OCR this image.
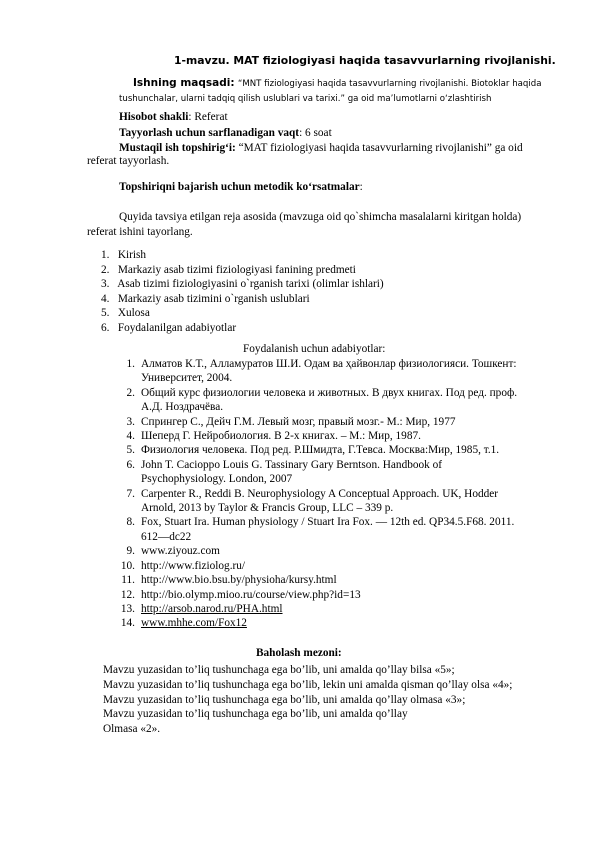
1-mavzu. MAT fiziologiyasi haqida tasavvurlarning rivojlanishi.
Ishning maqsadi: “MNT fiziologiyasi haqida tasavvurlarning rivojlanishi. Biotoklar haqida
tushunchalar, ularni tadqiq qilish uslublari va tarixi.” ga oid ma’lumotlarni o‘zlashtirish
Hisobot shakli: Referat
Tayyorlash uchun sarflanadigan vaqt: 6 soat
Mustaqil ish topshirig‘i: “MAT fiziologiyasi haqida tasavvurlarning rivojlanishi” ga oid
referat tayyorlash.
Topshiriqni bajarish uchun metodik ko‘rsatmalar:
Quyida tavsiya etilgan reja asosida (mavzuga oid qo`shimcha masalalarni kiritgan holda)
referat ishini tayorlang.
1. Kirish
2. Markaziy asab tizimi fiziologiyasi fanining predmeti
3. Asab tizimi fiziologiyasini o`rganish tarixi (olimlar ishlari)
4. Markaziy asab tizimini o`rganish uslublari
5. Xulosa
6. Foydalanilgan adabiyotlar
Foydalanish uchun adabiyotlar:
1. Алматов К.Т., Алламуратов Ш.И. Одам ва ҳайвонлар физиологияси. Тошкент:
Университет, 2004.
2. Общий курс физиологии человека и животных. В двух книгах. Под ред. проф.
А.Д. Ноздрачёва.
3. Спрингер С., Дейч Г.М. Левый мозг, правый мозг.- М.: Мир, 1977
4. Шеперд Г. Нейробиология. В 2-х книгах. – М.: Мир, 1987.
5. Физиология человека. Под ред. Р.Шмидта, Г.Тевса. Москва:Мир, 1985, т.1.
6. John T. Cacioppo Louis G. Tassinary Gary Berntson. Handbook of
Psychophysiology. London, 2007
7. Carpenter R., Reddi B. Neurophysiology A Conceptual Approach. UK, Hodder
Arnold, 2013 by Taylor & Francis Group, LLC – 339 p.
8. Fox, Stuart Ira. Human physiology / Stuart Ira Fox. — 12th ed. QP34.5.F68. 2011.
612—dc22
9. www.ziyouz.com
10. http://www.fiziolog.ru/
11. http://www.bio.bsu.by/physioha/kursy.html
12. http://bio.olymp.mioo.ru/course/view.php?id=13
13. http://arsob.narod.ru/PHA.html
14. www.mhhe.com/Fox12
Baholash mezoni:
Mavzu yuzasidan to’liq tushunchaga ega bo’lib, uni amalda qo’llay bilsa «5»;
Mavzu yuzasidan to’liq tushunchaga ega bo’lib, lekin uni amalda qisman qo’llay olsa «4»;
Mavzu yuzasidan to’liq tushunchaga ega bo’lib, uni amalda qo’llay olmasa «3»;
Mavzu yuzasidan to’liq tushunchaga ega bo’lib, uni amalda qo’llay
Olmasa «2».
